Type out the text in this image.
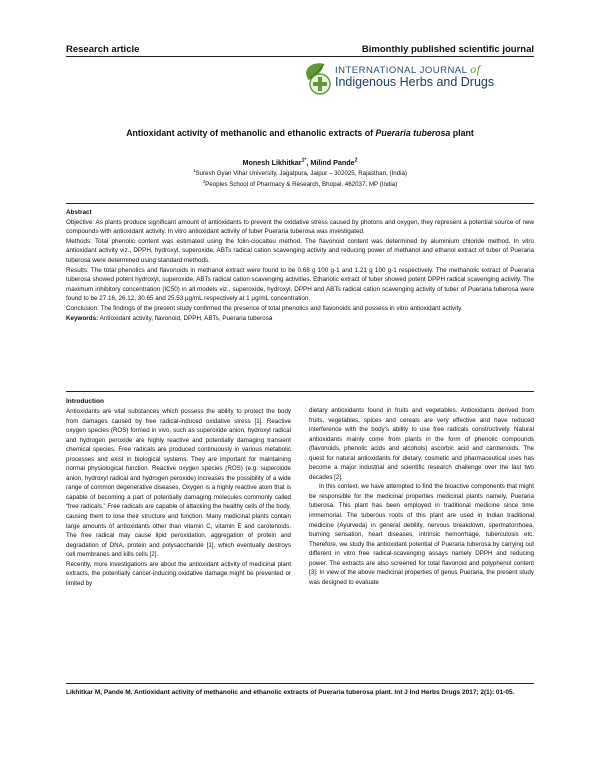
Research article	Bimonthly published scientific journal
INTERNATIONAL JOURNAL of
Indigenous Herbs and Drugs
Antioxidant activity of methanolic and ethanolic extracts of Pueraria tuberosa plant
Monesh Likhitkar$^{1*}$, Milind Pande$^2$
$^1$Suresh Gyan Vihar University, Jagatpura, Jaipur – 302025, Rajasthan, (India)
$^2$Peoples School of Pharmacy & Research, Bhopal, 462037, MP (India)

Abstract

Objective: As plants produce significant amount of antioxidants to prevent the oxidative stress caused by photons and oxygen, they represent a potential source of new compounds with antioxidant activity. In vitro antioxidant activity of tuber Pueraria tuberosa was investigated.

Methods: Total phenolic content was estimated using the folin-ciocalteu method. The flavonoid content was determined by aluminium chloride method. In vitro antioxidant activity viz., DPPH, hydroxyl, superoxide, ABTs radical cation scavenging activity and reducing power of methanol and ethanol extract of tuber of Pueraria tuberosa were determined using standard methods.

Results: The total phenolics and flavonoids in methanol extract were found to be 0.68 g 100 g-1 and 1.21 g 100 g-1 respectively. The methanolic extract of Pueraria tuberosa showed potent hydroxyl, superoxide, ABTs radical cation scavenging activities. Ethanolic extract of tuber showed potent DPPH radical scavenging activity. The maximum inhibitory concentration (IC50) in all models viz., superoxide, hydroxyl, DPPH and ABTs radical cation scavenging activity of tuber of Pueraria tuberosa were found to be 27.16, 26.12, 30.65 and 25.53 µg/mL respectively at 1 µg/mL concentration.

Conclusion: The findings of the present study confirmed the presence of total phenolics and flavonoids and possess in vitro antioxidant activity.

Keywords: Antioxidant activity, flavonoid, DPPH, ABTs, Pueraria tuberosa

Introduction

Antioxidants are vital substances which possess the ability to protect the body from damages caused by free radical-induced oxidative stress [1]. Reactive oxygen species (ROS) formed in vivo, such as superoxide anion, hydroxyl radical and hydrogen peroxide are highly reactive and potentially damaging transient chemical species. Free radicals are produced continuously in various metabolic processes and exist in biological systems. They are important for maintaining normal physiological function. Reactive oxygen species (ROS) (e.g. superoxide anion, hydroxyl radical and hydrogen peroxide) increases the possibility of a wide range of common degenerative diseases. Oxygen is a highly reactive atom that is capable of becoming a part of potentially damaging molecules commonly called “free radicals.” Free radicals are capable of attacking the healthy cells of the body, causing them to lose their structure and function. Many medicinal plants contain large amounts of antioxidants other than vitamin C, vitamin E and carotenoids. The free radical may cause lipid peroxidation, aggregation of protein and degradation of DNA, protein and polysaccharide [1], which eventually destroys cell membranes and kills cells [2].

Recently, more investigations are about the antioxidant activity of medicinal plant extracts, the potentially cancer-inducing oxidative damage might be prevented or limited by

dietary antioxidants found in fruits and vegetables. Antioxidants derived from fruits, vegetables, spices and cereals are very effective and have reduced interference with the body's ability to use free radicals constructively. Natural antioxidants mainly come from plants in the form of phenolic compounds (flavonoids, phenolic acids and alcohols) ascorbic acid and carotenoids. The quest for natural antioxidants for dietary, cosmetic and pharmaceutical uses has become a major industrial and scientific research challenge over the last two decades [2].

In this context, we have attempted to find the bioactive components that might be responsible for the medicinal properties medicinal plants namely, Pueraria tuberosa. This plant has been employed in traditional medicine since time immemorial. The tuberous roots of this plant are used in Indian traditional medicine (Ayurveda) in general debility, nervous breakdown, spermatorrhoea, burning sensation, heart diseases, intrinsic hemorrhage, tuberculosis etc. Therefore, we study the antioxidant potential of Pueraria tuberosa by carrying out different in vitro free radical-scavenging assays namely DPPH and reducing power. The extracts are also screened for total flavonoid and polyphenol content [3]. In view of the above medicinal properties of genus Pueraria, the present study was designed to evaluate

Likhitkar M, Pande M. Antioxidant activity of methanolic and ethanolic extracts of Pueraria tuberosa plant. Int J Ind Herbs Drugs 2017; 2(1): 01-05.
